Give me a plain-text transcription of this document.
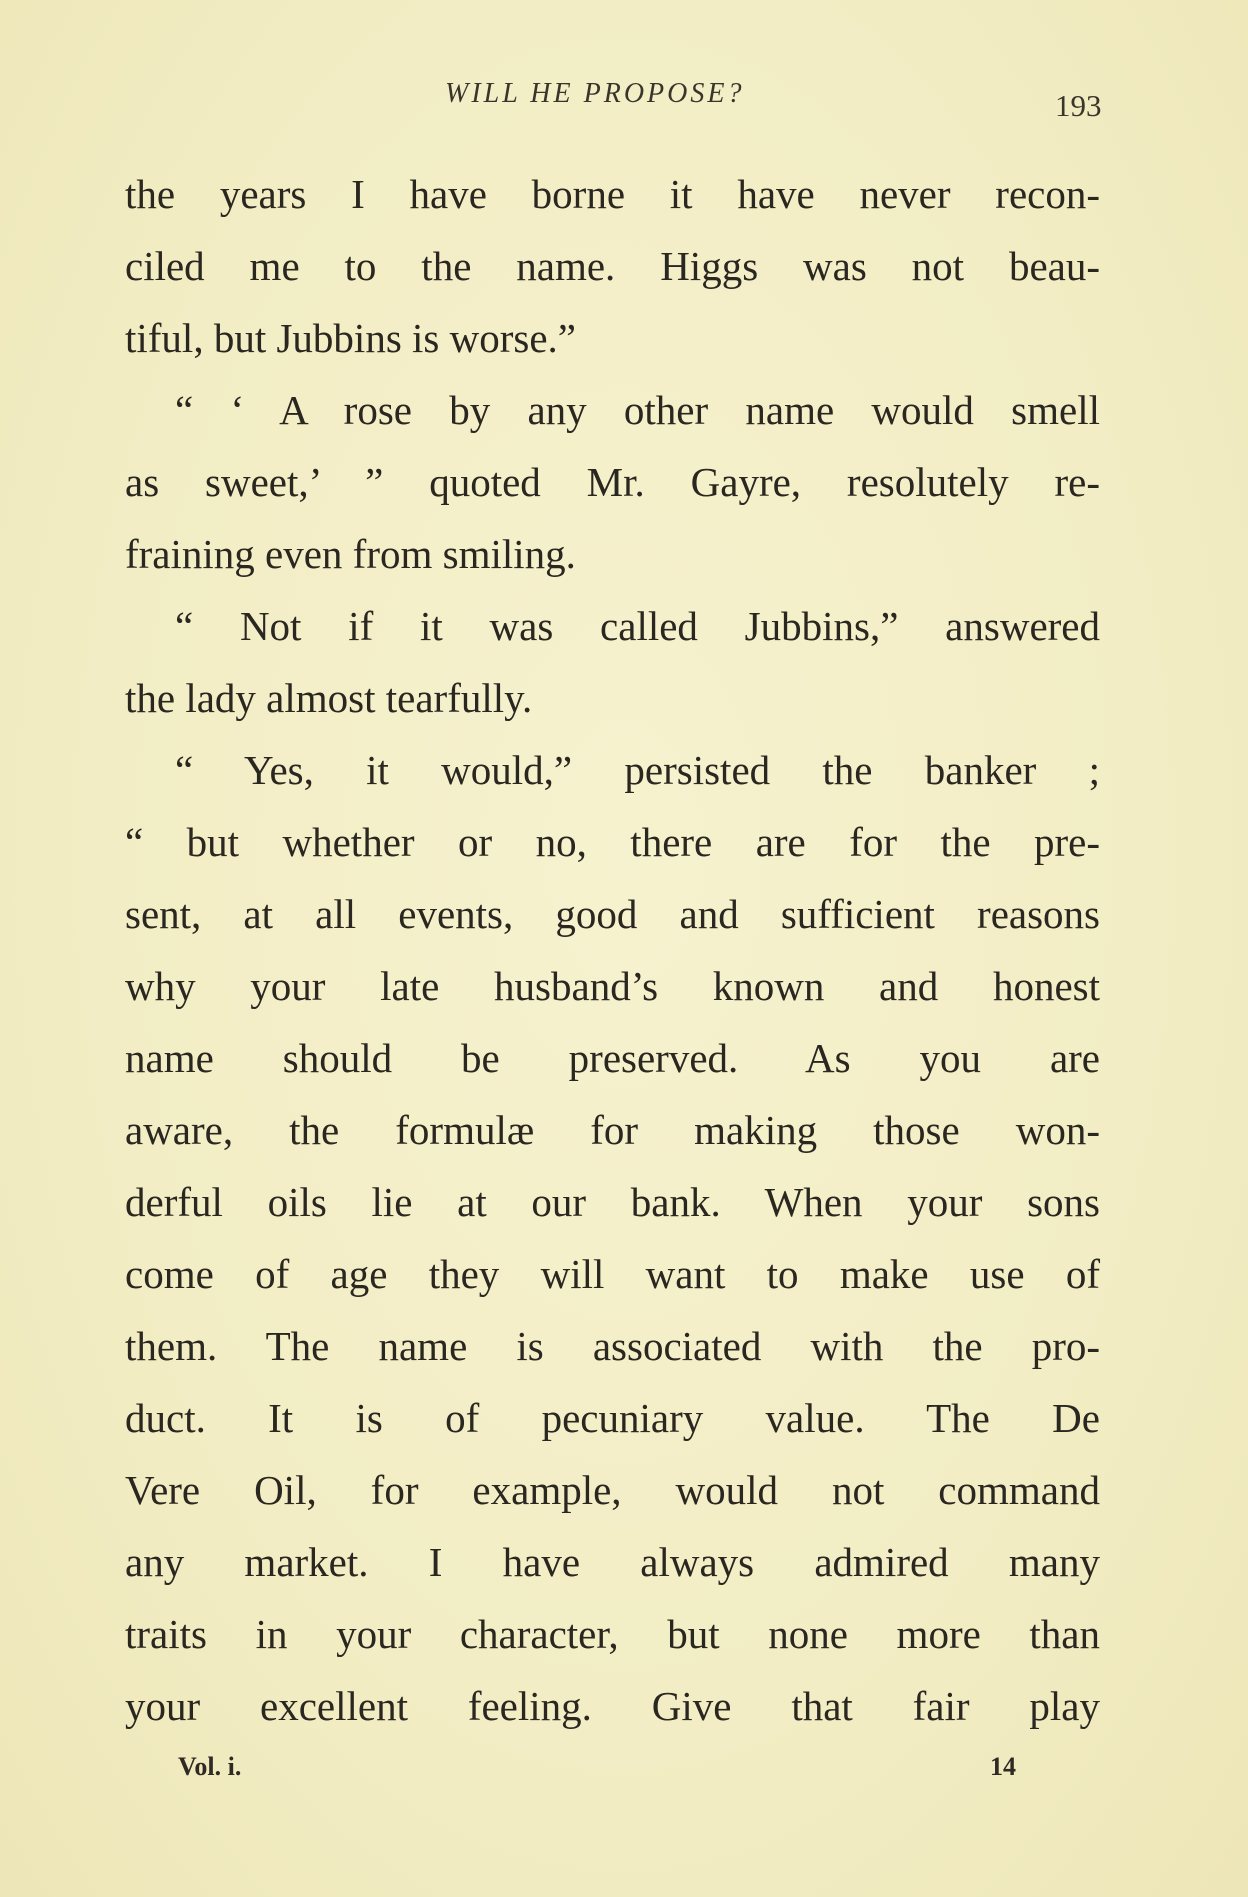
WILL HE PROPOSE?	193
the years I have borne it have never recon-
ciled me to the name. Higgs was not beau-
tiful, but Jubbins is worse.”
“ ‘ A rose by any other name would smell
as sweet,’ ” quoted Mr. Gayre, resolutely re-
fraining even from smiling.
“ Not if it was called Jubbins,” answered
the lady almost tearfully.
“ Yes, it would,” persisted the banker ;
“ but whether or no, there are for the pre-
sent, at all events, good and sufficient reasons
why your late husband’s known and honest
name should be preserved. As you are
aware, the formulæ for making those won-
derful oils lie at our bank. When your sons
come of age they will want to make use of
them. The name is associated with the pro-
duct. It is of pecuniary value. The De
Vere Oil, for example, would not command
any market. I have always admired many
traits in your character, but none more than
your excellent feeling. Give that fair play
Vol. i.	14
